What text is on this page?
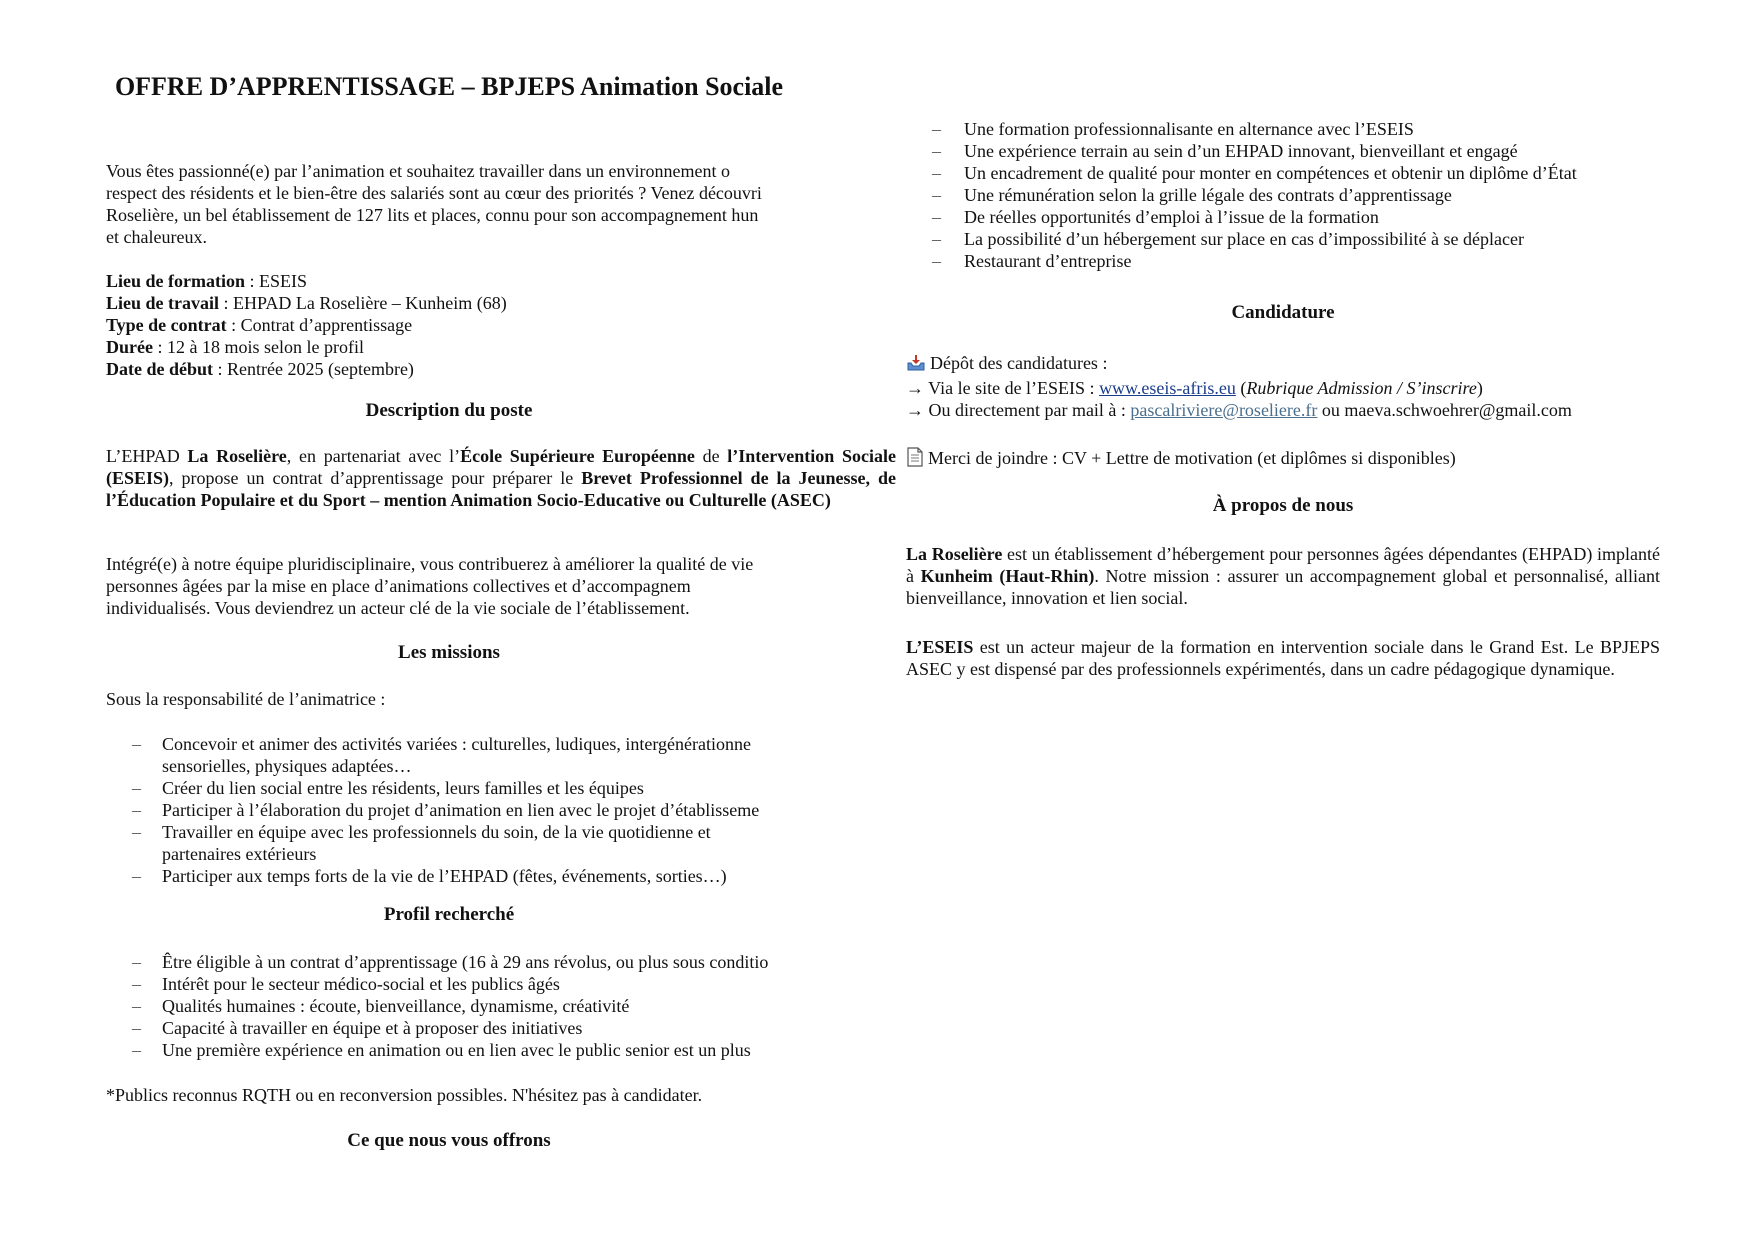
OFFRE D’APPRENTISSAGE – BPJEPS Animation Sociale
Vous êtes passionné(e) par l’animation et souhaitez travailler dans un environnement o
respect des résidents et le bien-être des salariés sont au cœur des priorités ? Venez découvri
Roselière, un bel établissement de 127 lits et places, connu pour son accompagnement hun
et chaleureux.
Lieu de formation : ESEIS
Lieu de travail : EHPAD La Roselière – Kunheim (68)
Type de contrat : Contrat d’apprentissage
Durée : 12 à 18 mois selon le profil
Date de début : Rentrée 2025 (septembre)
Description du poste
L’EHPAD La Roselière, en partenariat avec l’École Supérieure Européenne de l’Intervention Sociale (ESEIS), propose un contrat d’apprentissage pour préparer le Brevet Professionnel de la Jeunesse, de l’Éducation Populaire et du Sport – mention Animation Socio-Educative ou Culturelle (ASEC)
Intégré(e) à notre équipe pluridisciplinaire, vous contribuerez à améliorer la qualité de vie
personnes âgées par la mise en place d’animations collectives et d’accompagnem
individualisés. Vous deviendrez un acteur clé de la vie sociale de l’établissement.
Les missions
Sous la responsabilité de l’animatrice :
– Concevoir et animer des activités variées : culturelles, ludiques, intergénérationne
sensorielles, physiques adaptées…
– Créer du lien social entre les résidents, leurs familles et les équipes
– Participer à l’élaboration du projet d’animation en lien avec le projet d’établisseme
– Travailler en équipe avec les professionnels du soin, de la vie quotidienne et
partenaires extérieurs
– Participer aux temps forts de la vie de l’EHPAD (fêtes, événements, sorties…)
Profil recherché
– Être éligible à un contrat d’apprentissage (16 à 29 ans révolus, ou plus sous conditio
– Intérêt pour le secteur médico-social et les publics âgés
– Qualités humaines : écoute, bienveillance, dynamisme, créativité
– Capacité à travailler en équipe et à proposer des initiatives
– Une première expérience en animation ou en lien avec le public senior est un plus
*Publics reconnus RQTH ou en reconversion possibles. N'hésitez pas à candidater.
Ce que nous vous offrons
– Une formation professionnalisante en alternance avec l’ESEIS
– Une expérience terrain au sein d’un EHPAD innovant, bienveillant et engagé
– Un encadrement de qualité pour monter en compétences et obtenir un diplôme d’État
– Une rémunération selon la grille légale des contrats d’apprentissage
– De réelles opportunités d’emploi à l’issue de la formation
– La possibilité d’un hébergement sur place en cas d’impossibilité à se déplacer
– Restaurant d’entreprise
Candidature
Dépôt des candidatures :
→ Via le site de l’ESEIS : www.eseis-afris.eu (Rubrique Admission / S’inscrire)
→ Ou directement par mail à : pascalriviere@roseliere.fr ou maeva.schwoehrer@gmail.com
Merci de joindre : CV + Lettre de motivation (et diplômes si disponibles)
À propos de nous
La Roselière est un établissement d’hébergement pour personnes âgées dépendantes (EHPAD) implanté à Kunheim (Haut-Rhin). Notre mission : assurer un accompagnement global et personnalisé, alliant bienveillance, innovation et lien social.
L’ESEIS est un acteur majeur de la formation en intervention sociale dans le Grand Est. Le BPJEPS ASEC y est dispensé par des professionnels expérimentés, dans un cadre pédagogique dynamique.
